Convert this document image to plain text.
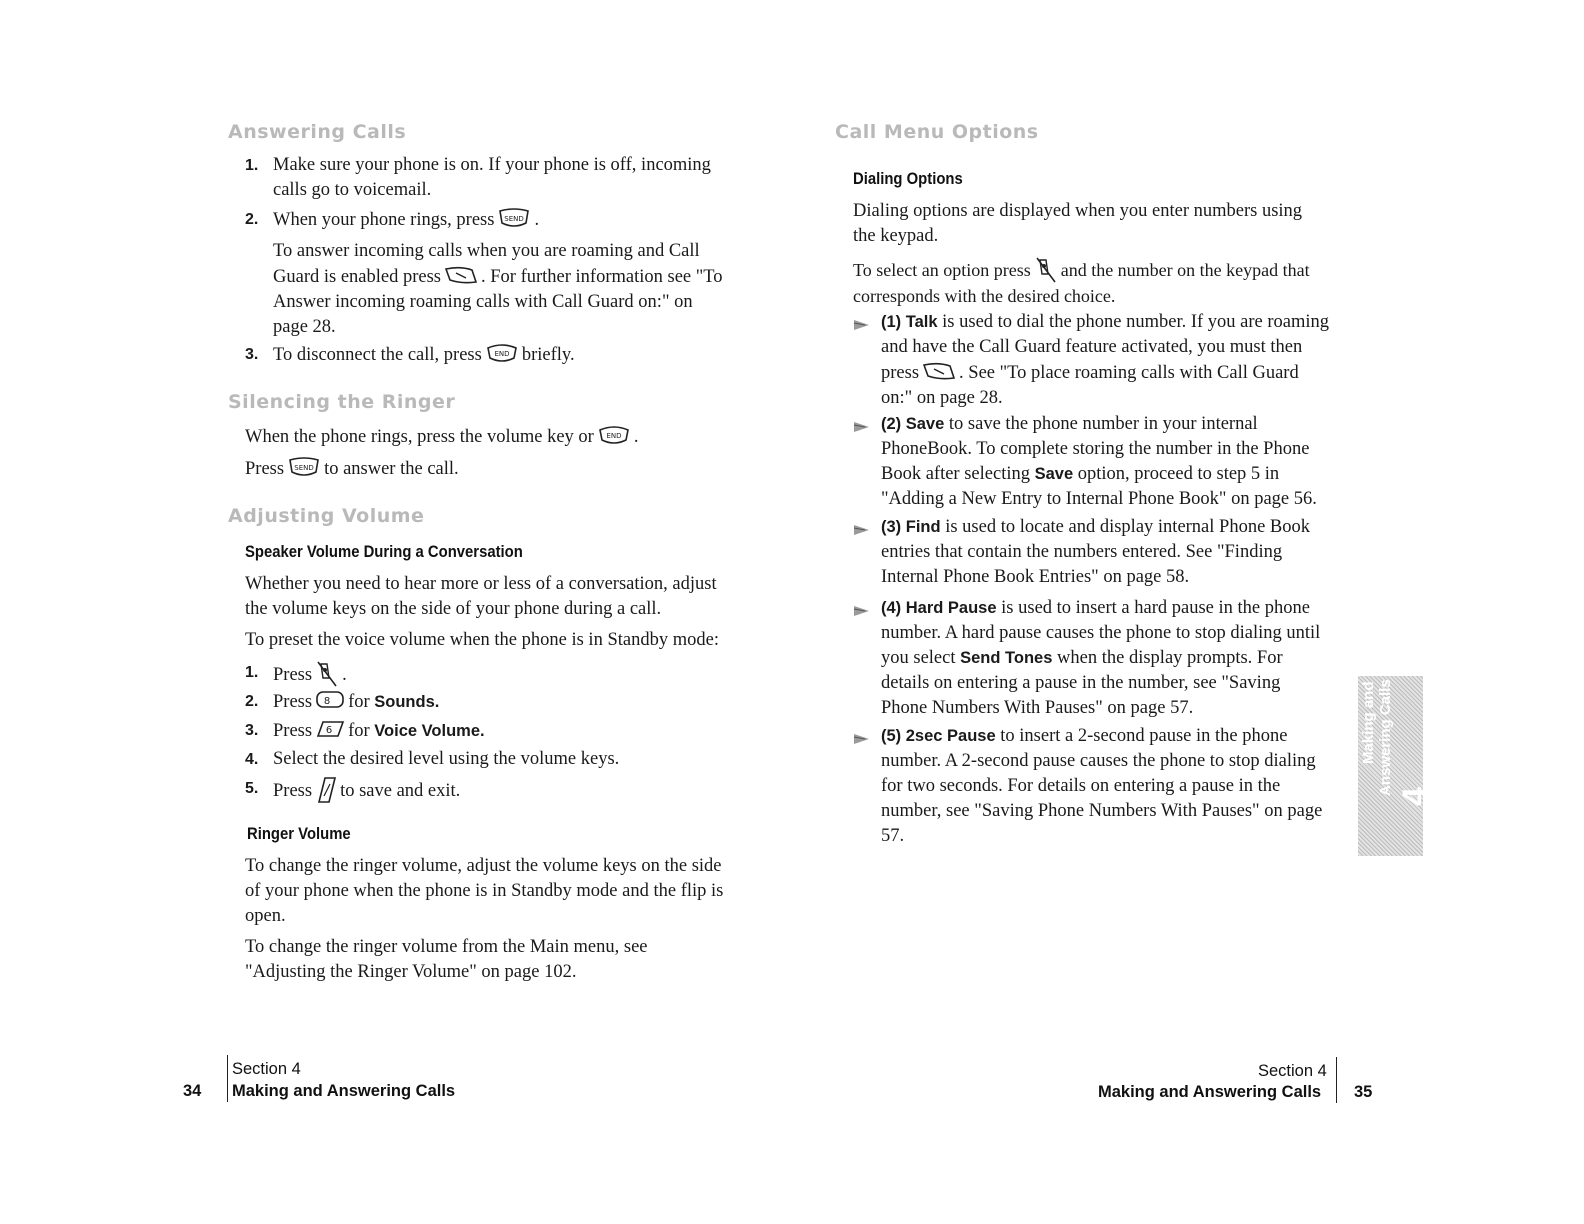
Answering Calls
1. Make sure your phone is on. If your phone is off, incoming calls go to voicemail.

2. When your phone rings, press .

To answer incoming calls when you are roaming and Call Guard is enabled press . For further information see "To Answer incoming roaming calls with Call Guard on:" on page 28.

3. To disconnect the call, press briefly.

Silencing the Ringer

When the phone rings, press the volume key or .

Press to answer the call.

Adjusting Volume
Speaker Volume During a Conversation

Whether you need to hear more or less of a conversation, adjust the volume keys on the side of your phone during a call.

To preset the voice volume when the phone is in Standby mode:

1. Press .

2. Press for Sounds.

3. Press for Voice Volume.

4. Select the desired level using the volume keys.

5. Press to save and exit.

Ringer Volume

To change the ringer volume, adjust the volume keys on the side of your phone when the phone is in Standby mode and the flip is open.

To change the ringer volume from the Main menu, see "Adjusting the Ringer Volume" on page 102.

34
Section 4
Making and Answering Calls
Call Menu Options
Dialing Options

Dialing options are displayed when you enter numbers using the keypad.

To select an option press and the number on the keypad that corresponds with the desired choice.

(1) Talk is used to dial the phone number. If you are roaming and have the Call Guard feature activated, you must then press . See "To place roaming calls with Call Guard on:" on page 28.

(2) Save to save the phone number in your internal PhoneBook. To complete storing the number in the Phone Book after selecting Save option, proceed to step 5 in "Adding a New Entry to Internal Phone Book" on page 56.

(3) Find is used to locate and display internal Phone Book entries that contain the numbers entered. See "Finding Internal Phone Book Entries" on page 58.

(4) Hard Pause is used to insert a hard pause in the phone number. A hard pause causes the phone to stop dialing until you select Send Tones when the display prompts. For details on entering a pause in the number, see "Saving Phone Numbers With Pauses" on page 57.

(5) 2sec Pause to insert a 2-second pause in the phone number. A 2-second pause causes the phone to stop dialing for two seconds. For details on entering a pause in the number, see "Saving Phone Numbers With Pauses" on page 57.

Section 4
Making and Answering Calls 35
Making and Answering Calls
4
